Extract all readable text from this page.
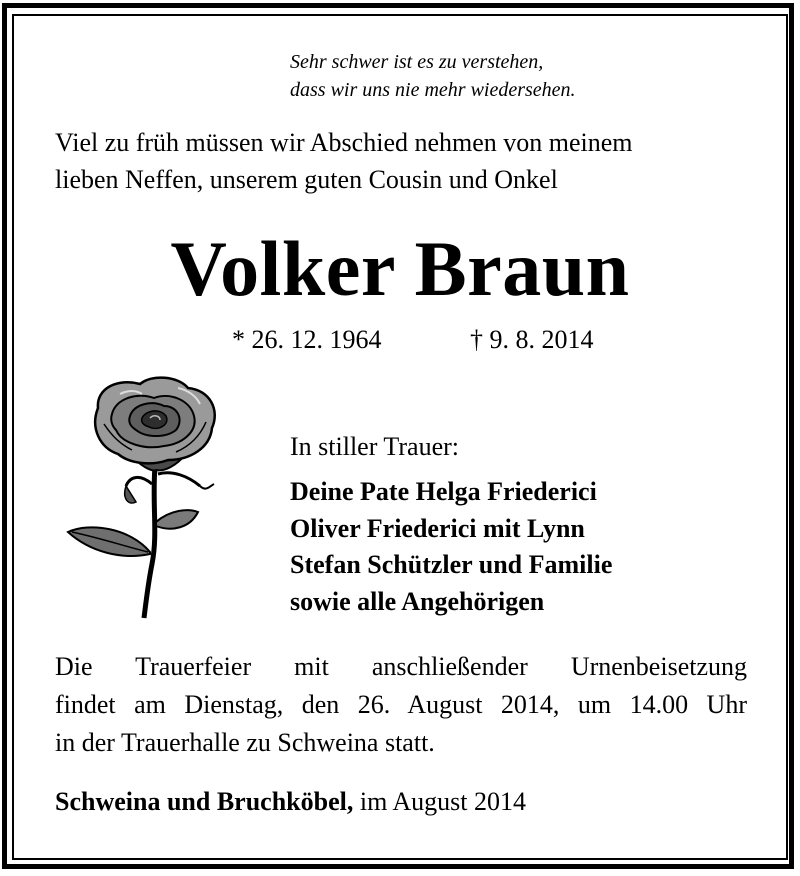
Sehr schwer ist es zu verstehen,
dass wir uns nie mehr wiedersehen.
Viel zu früh müssen wir Abschied nehmen von meinem
lieben Neffen, unserem guten Cousin und Onkel
Volker Braun
* 26. 12. 1964	† 9. 8. 2014
In stiller Trauer:
Deine Pate Helga Friederici
Oliver Friederici mit Lynn
Stefan Schützler und Familie
sowie alle Angehörigen
Die Trauerfeier mit anschließender Urnenbeisetzung
findet am Dienstag, den 26. August 2014, um 14.00 Uhr
in der Trauerhalle zu Schweina statt.
Schweina und Bruchköbel, im August 2014
